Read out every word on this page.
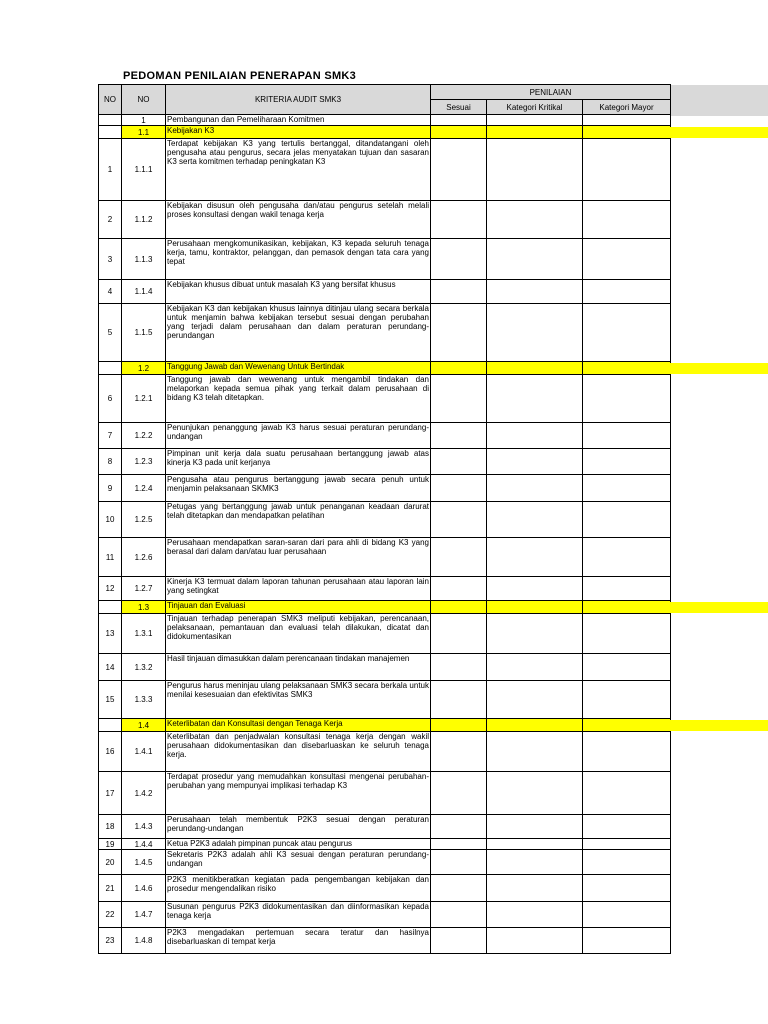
PEDOMAN PENILAIAN PENERAPAN SMK3
NO	NO	KRITERIA AUDIT SMK3	PENILAIAN		
			Sesuai	Kategori Kritikal	Kategori Mayor
	1	Pembangunan dan Pemeliharaan Komitmen			
	1.1	Kebijakan K3			
1	1.1.1	Terdapat kebijakan K3 yang tertulis bertanggal, ditandatangani oleh pengusaha atau pengurus, secara jelas menyatakan tujuan dan sasaran K3 serta komitmen terhadap peningkatan K3			
2	1.1.2	Kebijakan disusun oleh pengusaha dan/atau pengurus setelah melali proses konsultasi dengan wakil tenaga kerja			
3	1.1.3	Perusahaan mengkomunikasikan, kebijakan, K3 kepada seluruh tenaga kerja, tamu, kontraktor, pelanggan, dan pemasok dengan tata cara yang tepat			
4	1.1.4	Kebijakan khusus dibuat untuk masalah K3 yang bersifat khusus			
5	1.1.5	Kebijakan K3 dan kebijakan khusus lainnya ditinjau ulang secara berkala untuk menjamin bahwa kebijakan tersebut sesuai dengan perubahan yang terjadi dalam perusahaan dan dalam peraturan perundang-perundangan			
	1.2	Tanggung Jawab dan Wewenang Untuk Bertindak			
6	1.2.1	Tanggung jawab dan wewenang untuk mengambil tindakan dan melaporkan kepada semua pihak yang terkait dalam perusahaan di bidang K3 telah ditetapkan.			
7	1.2.2	Penunjukan penanggung jawab K3 harus sesuai peraturan perundang-undangan			
8	1.2.3	Pimpinan unit kerja dala suatu perusahaan bertanggung jawab atas kinerja K3 pada unit kerjanya			
9	1.2.4	Pengusaha atau pengurus bertanggung jawab secara penuh untuk menjamin pelaksanaan SKMK3			
10	1.2.5	Petugas yang bertanggung jawab untuk penanganan keadaan darurat telah ditetapkan dan mendapatkan pelatihan			
11	1.2.6	Perusahaan mendapatkan saran-saran dari para ahli di bidang K3 yang berasal dari dalam dan/atau luar perusahaan			
12	1.2.7	Kinerja K3 termuat dalam laporan tahunan perusahaan atau laporan lain yang setingkat			
	1.3	Tinjauan dan Evaluasi			
13	1.3.1	Tinjauan terhadap penerapan SMK3 meliputi kebijakan, perencanaan, pelaksanaan, pemantauan dan evaluasi telah dilakukan, dicatat dan didokumentasikan			
14	1.3.2	Hasil tinjauan dimasukkan dalam perencanaan tindakan manajemen			
15	1.3.3	Pengurus harus meninjau ulang pelaksanaan SMK3 secara berkala untuk menilai kesesuaian dan efektivitas SMK3			
	1.4	Keterlibatan dan Konsultasi dengan Tenaga Kerja			
16	1.4.1	Keterlibatan dan penjadwalan konsultasi tenaga kerja dengan wakil perusahaan didokumentasikan dan disebarluaskan ke seluruh tenaga kerja.			
17	1.4.2	Terdapat prosedur yang memudahkan konsultasi mengenai perubahan-perubahan yang mempunyai implikasi terhadap K3			
18	1.4.3	Perusahaan telah membentuk P2K3 sesuai dengan peraturan perundang-undangan			
19	1.4.4	Ketua P2K3 adalah pimpinan puncak atau pengurus			
20	1.4.5	Sekretaris P2K3 adalah ahli K3 sesuai dengan peraturan perundang-undangan			
21	1.4.6	P2K3 menitikberatkan kegiatan pada pengembangan kebijakan dan prosedur mengendalikan risiko			
22	1.4.7	Susunan pengurus P2K3 didokumentasikan dan diinformasikan kepada tenaga kerja			
23	1.4.8	P2K3 mengadakan pertemuan secara teratur dan hasilnya disebarluaskan di tempat kerja			
